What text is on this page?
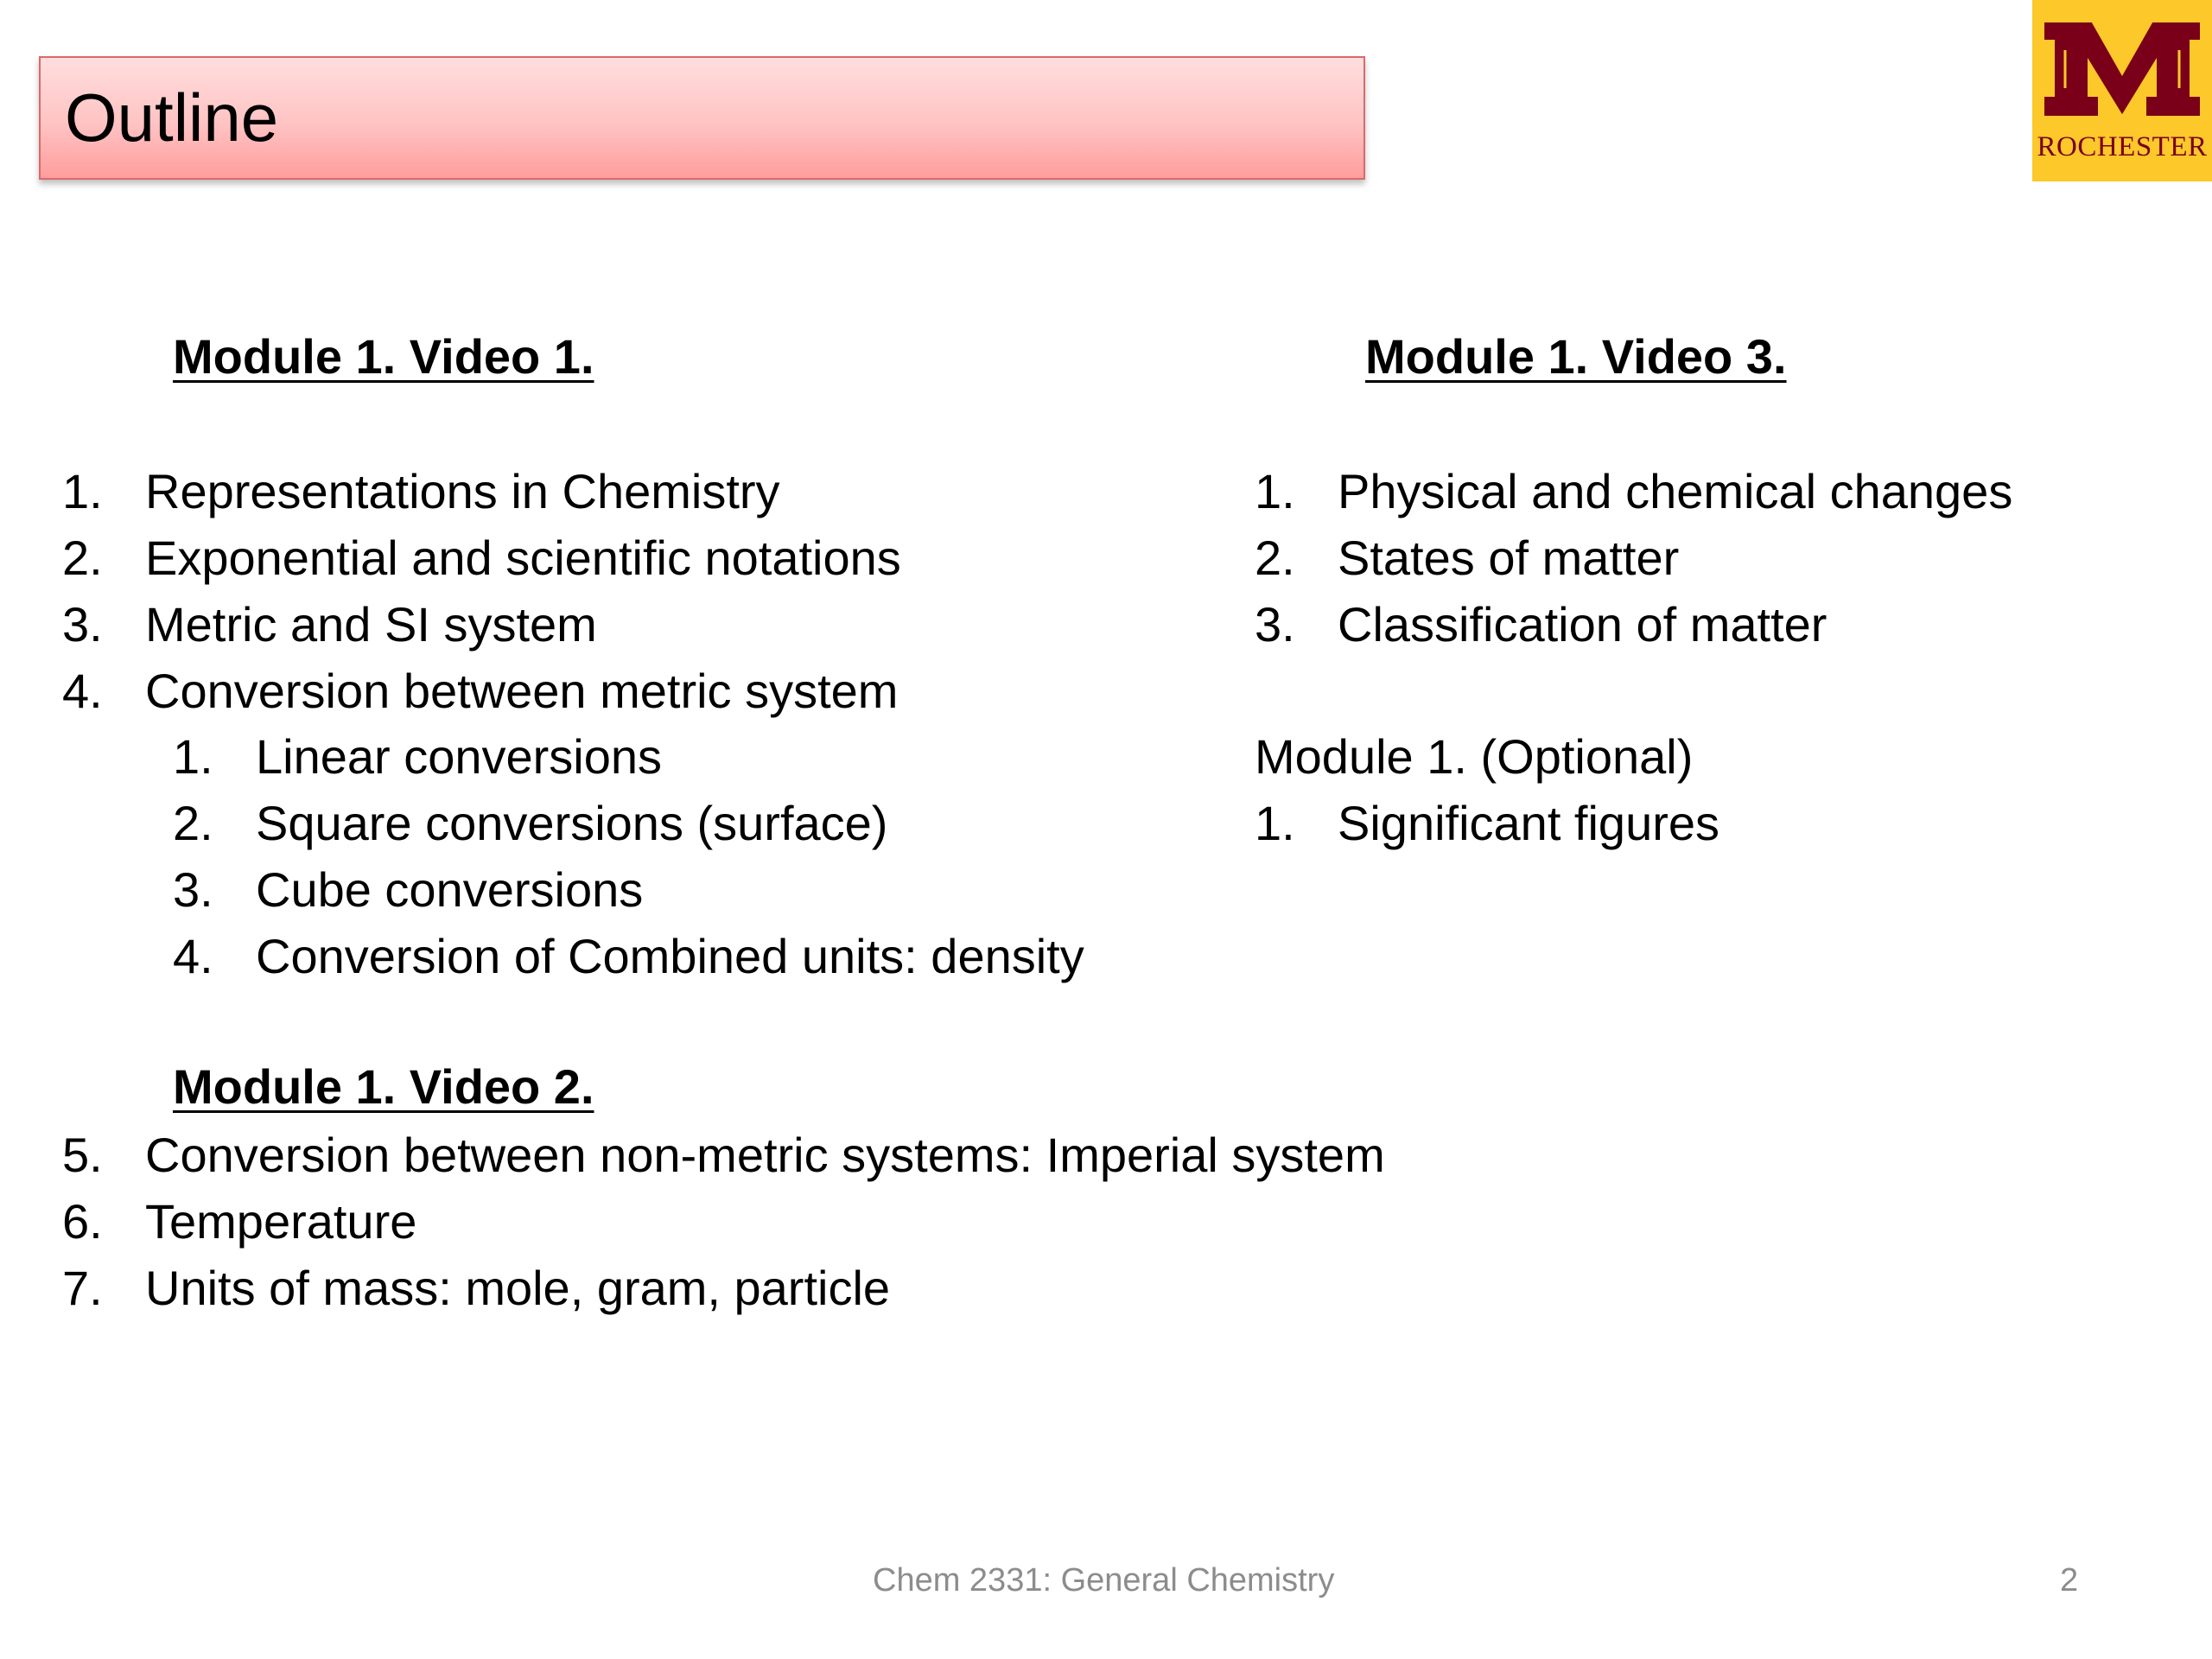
Outline	ROCHESTER
Module 1. Video 1.
1. Representations in Chemistry
2. Exponential and scientific notations
3. Metric and SI system
4. Conversion between metric system
1. Linear conversions
2. Square conversions (surface)
3. Cube conversions
4. Conversion of Combined units: density
Module 1. Video 2.
5. Conversion between non-metric systems: Imperial system
6. Temperature
7. Units of mass: mole, gram, particle
Module 1. Video 3.
1. Physical and chemical changes
2. States of matter
3. Classification of matter
Module 1. (Optional)
1. Significant figures
Chem 2331: General Chemistry	2
